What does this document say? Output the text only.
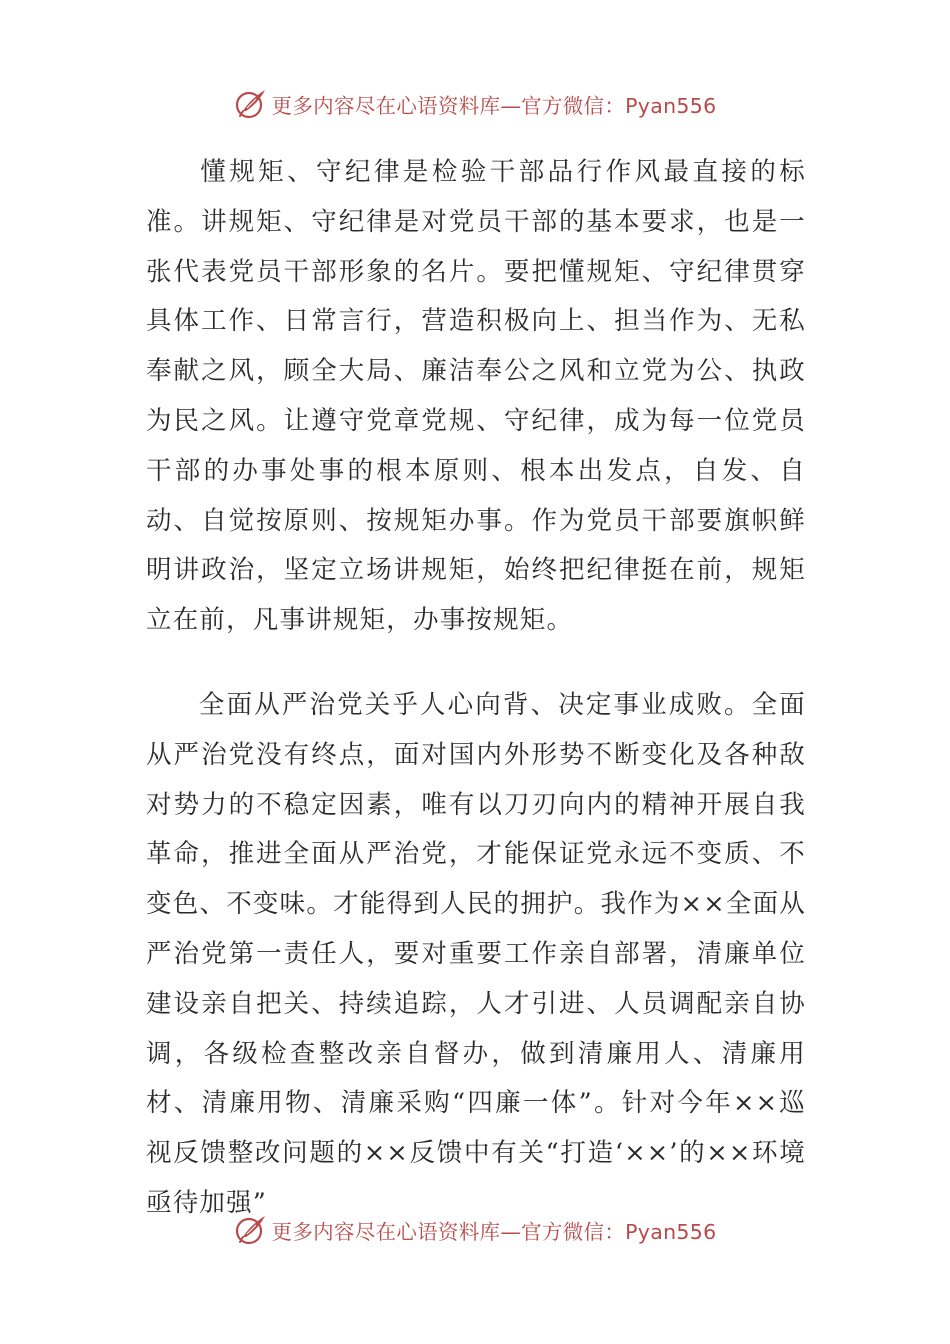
更多内容尽在心语资料库—官方微信：Pyan556

懂规矩、守纪律是检验干部品行作风最直接的标准。讲规矩、守纪律是对党员干部的基本要求，也是一张代表党员干部形象的名片。要把懂规矩、守纪律贯穿具体工作、日常言行，营造积极向上、担当作为、无私奉献之风，顾全大局、廉洁奉公之风和立党为公、执政为民之风。让遵守党章党规、守纪律，成为每一位党员干部的办事处事的根本原则、根本出发点，自发、自动、自觉按原则、按规矩办事。作为党员干部要旗帜鲜明讲政治，坚定立场讲规矩，始终把纪律挺在前，规矩立在前，凡事讲规矩，办事按规矩。

全面从严治党关乎人心向背、决定事业成败。全面从严治党没有终点，面对国内外形势不断变化及各种敌对势力的不稳定因素，唯有以刀刃向内的精神开展自我革命，推进全面从严治党，才能保证党永远不变质、不变色、不变味。才能得到人民的拥护。我作为××全面从严治党第一责任人，要对重要工作亲自部署，清廉单位建设亲自把关、持续追踪，人才引进、人员调配亲自协调，各级检查整改亲自督办，做到清廉用人、清廉用材、清廉用物、清廉采购“四廉一体”。针对今年××巡视反馈整改问题的××反馈中有关“打造‘××’的××环境亟待加强”

更多内容尽在心语资料库—官方微信：Pyan556
